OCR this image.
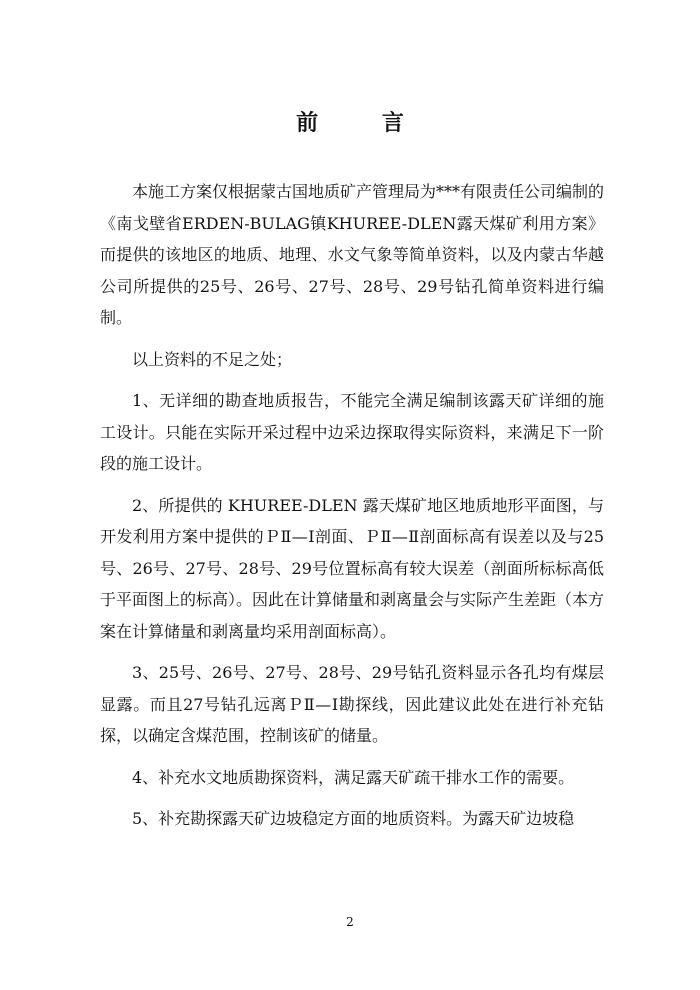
前 言

本施工方案仅根据蒙古国地质矿产管理局为***有限责任公司编制的《南戈壁省ERDEN-BULAG镇KHUREE-DLEN露天煤矿利用方案》而提供的该地区的地质、地理、水文气象等简单资料，以及内蒙古华越公司所提供的25号、26号、27号、28号、29号钻孔简单资料进行编制。

以上资料的不足之处；

1、无详细的勘查地质报告，不能完全满足编制该露天矿详细的施工设计。只能在实际开采过程中边采边探取得实际资料，来满足下一阶段的施工设计。

2、所提供的 KHUREE-DLEN 露天煤矿地区地质地形平面图，与开发利用方案中提供的ＰⅡ—Ⅰ剖面、ＰⅡ—Ⅱ剖面标高有误差以及与25号、26号、27号、28号、29号位置标高有较大误差（剖面所标标高低于平面图上的标高）。因此在计算储量和剥离量会与实际产生差距（本方案在计算储量和剥离量均采用剖面标高）。

3、25号、26号、27号、28号、29号钻孔资料显示各孔均有煤层显露。而且27号钻孔远离ＰⅡ—Ⅰ勘探线，因此建议此处在进行补充钻探，以确定含煤范围，控制该矿的储量。

4、补充水文地质勘探资料，满足露天矿疏干排水工作的需要。

5、补充勘探露天矿边坡稳定方面的地质资料。为露天矿边坡稳

2
